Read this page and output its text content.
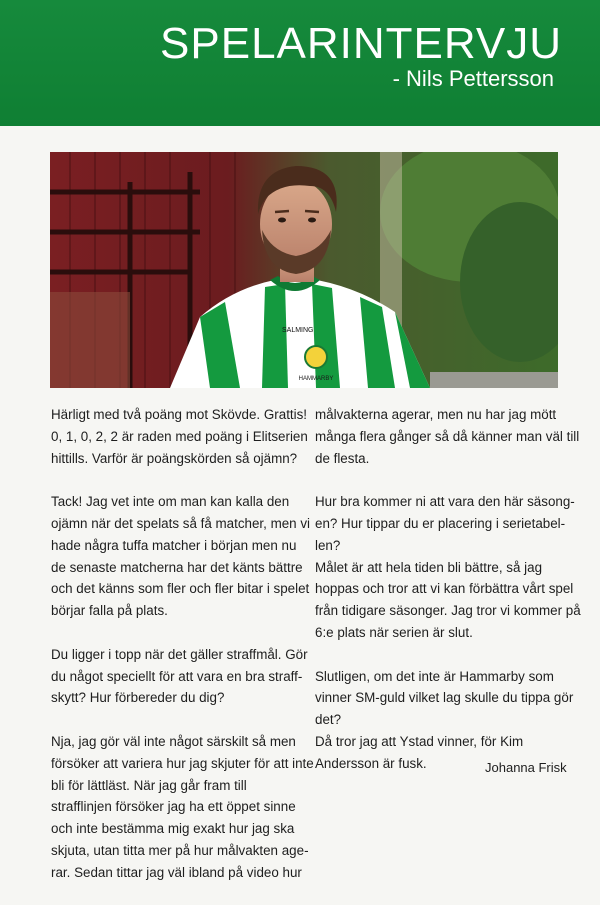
SPELARINTERVJU
- Nils Pettersson
HAMMARBY
SALMING

Härligt med två poäng mot Skövde. Grattis!
0, 1, 0, 2, 2 är raden med poäng i Elitserien
hittills. Varför är poängskörden så ojämn?

Tack! Jag vet inte om man kan kalla den
ojämn när det spelats så få matcher, men vi
hade några tuffa matcher i början men nu
de senaste matcherna har det känts bättre
och det känns som fler och fler bitar i spelet
börjar falla på plats.

Du ligger i topp när det gäller straffmål. Gör
du något speciellt för att vara en bra straff-
skytt? Hur förbereder du dig?

Nja, jag gör väl inte något särskilt så men
försöker att variera hur jag skjuter för att inte
bli för lättläst. När jag går fram till
strafflinjen försöker jag ha ett öppet sinne
och inte bestämma mig exakt hur jag ska
skjuta, utan titta mer på hur målvakten age-
rar. Sedan tittar jag väl ibland på video hur

målvakterna agerar, men nu har jag mött
många flera gånger så då känner man väl till
de flesta.

Hur bra kommer ni att vara den här säsong-
en? Hur tippar du er placering i serietabel-
len?
Målet är att hela tiden bli bättre, så jag
hoppas och tror att vi kan förbättra vårt spel
från tidigare säsonger. Jag tror vi kommer på
6:e plats när serien är slut.

Slutligen, om det inte är Hammarby som
vinner SM-guld vilket lag skulle du tippa gör
det?
Då tror jag att Ystad vinner, för Kim
Andersson är fusk.	Johanna Frisk
